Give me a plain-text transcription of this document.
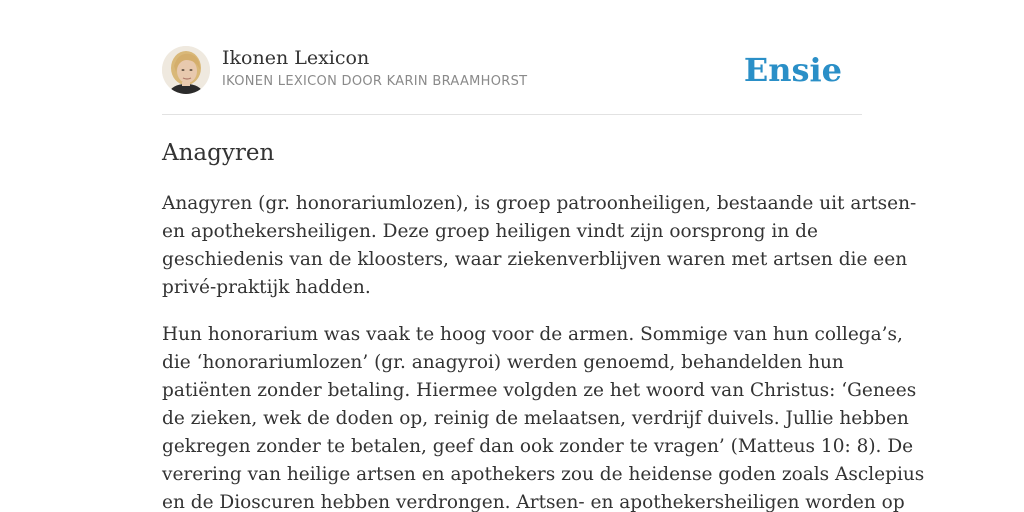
Ikonen Lexicon
IKONEN LEXICON DOOR KARIN BRAAMHORST	Ensie
Anagyren
Anagyren (gr. honorariumlozen), is groep patroonheiligen, bestaande uit artsen-
en apothekersheiligen. Deze groep heiligen vindt zijn oorsprong in de
geschiedenis van de kloosters, waar ziekenverblijven waren met artsen die een
privé-praktijk hadden.
Hun honorarium was vaak te hoog voor de armen. Sommige van hun collega’s,
die ‘honorariumlozen’ (gr. anagyroi) werden genoemd, behandelden hun
patiënten zonder betaling. Hiermee volgden ze het woord van Christus: ‘Genees
de zieken, wek de doden op, reinig de melaatsen, verdrijf duivels. Jullie hebben
gekregen zonder te betalen, geef dan ook zonder te vragen’ (Matteus 10: 8). De
verering van heilige artsen en apothekers zou de heidense goden zoals Asclepius
en de Dioscuren hebben verdrongen. Artsen- en apothekersheiligen worden op
